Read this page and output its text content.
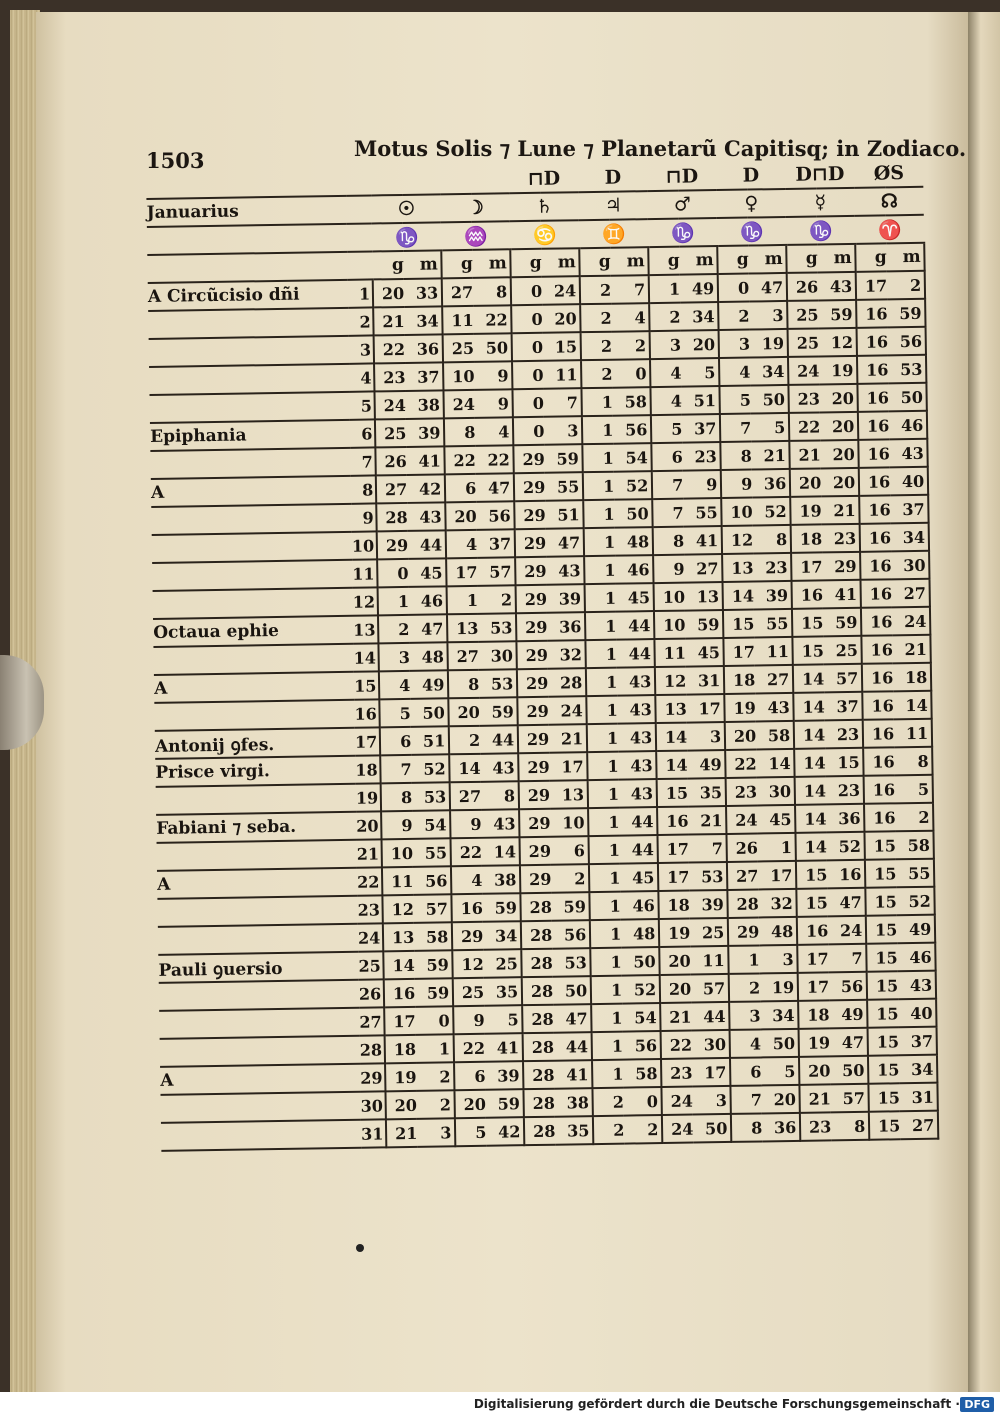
1503	Motus Solis ⁊ Lune ⁊ Planetarũ Capitisq; in Zodiaco.
						⊓D		D		⊓D		D		D⊓D		ØS	
Januarius		☉		☽		♄		♃		♂		♀		☿		☊	
		♑		♒		♋		♊		♑		♑		♑		♈	
		g	m	g	m	g	m	g	m	g	m	g	m	g	m	g	m
A Circũcisio dñi	1	20	33	27	8	0	24	2	7	1	49	0	47	26	43	17	2
	2	21	34	11	22	0	20	2	4	2	34	2	3	25	59	16	59
	3	22	36	25	50	0	15	2	2	3	20	3	19	25	12	16	56
	4	23	37	10	9	0	11	2	0	4	5	4	34	24	19	16	53
	5	24	38	24	9	0	7	1	58	4	51	5	50	23	20	16	50
Epiphania	6	25	39	8	4	0	3	1	56	5	37	7	5	22	20	16	46
	7	26	41	22	22	29	59	1	54	6	23	8	21	21	20	16	43
A	8	27	42	6	47	29	55	1	52	7	9	9	36	20	20	16	40
	9	28	43	20	56	29	51	1	50	7	55	10	52	19	21	16	37
	10	29	44	4	37	29	47	1	48	8	41	12	8	18	23	16	34
	11	0	45	17	57	29	43	1	46	9	27	13	23	17	29	16	30
	12	1	46	1	2	29	39	1	45	10	13	14	39	16	41	16	27
Octaua ephie	13	2	47	13	53	29	36	1	44	10	59	15	55	15	59	16	24
	14	3	48	27	30	29	32	1	44	11	45	17	11	15	25	16	21
A	15	4	49	8	53	29	28	1	43	12	31	18	27	14	57	16	18
	16	5	50	20	59	29	24	1	43	13	17	19	43	14	37	16	14
Antonij ꝯfes.	17	6	51	2	44	29	21	1	43	14	3	20	58	14	23	16	11
Prisce virgi.	18	7	52	14	43	29	17	1	43	14	49	22	14	14	15	16	8
	19	8	53	27	8	29	13	1	43	15	35	23	30	14	23	16	5
Fabiani ⁊ seba.	20	9	54	9	43	29	10	1	44	16	21	24	45	14	36	16	2
	21	10	55	22	14	29	6	1	44	17	7	26	1	14	52	15	58
A	22	11	56	4	38	29	2	1	45	17	53	27	17	15	16	15	55
	23	12	57	16	59	28	59	1	46	18	39	28	32	15	47	15	52
	24	13	58	29	34	28	56	1	48	19	25	29	48	16	24	15	49
Pauli ꝯuersio	25	14	59	12	25	28	53	1	50	20	11	1	3	17	7	15	46
	26	16	59	25	35	28	50	1	52	20	57	2	19	17	56	15	43
	27	17	0	9	5	28	47	1	54	21	44	3	34	18	49	15	40
	28	18	1	22	41	28	44	1	56	22	30	4	50	19	47	15	37
A	29	19	2	6	39	28	41	1	58	23	17	6	5	20	50	15	34
	30	20	2	20	59	28	38	2	0	24	3	7	20	21	57	15	31
	31	21	3	5	42	28	35	2	2	24	50	8	36	23	8	15	27
Digitalisierung gefördert durch die Deutsche Forschungsgemeinschaft · DFG
